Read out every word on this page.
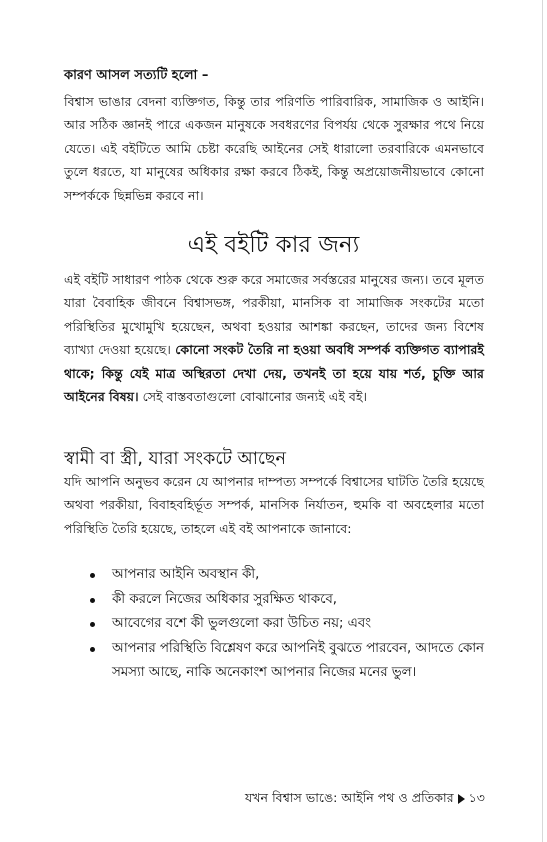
কারণ আসল সত্যটি হলো –

বিশ্বাস ভাঙার বেদনা ব্যক্তিগত, কিন্তু তার পরিণতি পারিবারিক, সামাজিক ও আইনি। আর সঠিক জ্ঞানই পারে একজন মানুষকে সবধরণের বিপর্যয় থেকে সুরক্ষার পথে নিয়ে যেতে। এই বইটিতে আমি চেষ্টা করেছি আইনের সেই ধারালো তরবারিকে এমনভাবে তুলে ধরতে, যা মানুষের অধিকার রক্ষা করবে ঠিকই, কিন্তু অপ্রয়োজনীয়ভাবে কোনো সম্পর্ককে ছিন্নভিন্ন করবে না।

এই বইটি কার জন্য

এই বইটি সাধারণ পাঠক থেকে শুরু করে সমাজের সর্বস্তরের মানুষের জন্য। তবে মূলত যারা বৈবাহিক জীবনে বিশ্বাসভঙ্গ, পরকীয়া, মানসিক বা সামাজিক সংকটের মতো পরিস্থিতির মুখোমুখি হয়েছেন, অথবা হওয়ার আশঙ্কা করছেন, তাদের জন্য বিশেষ ব্যাখ্যা দেওয়া হয়েছে। কোনো সংকট তৈরি না হওয়া অবধি সম্পর্ক ব্যক্তিগত ব্যাপারই থাকে; কিন্তু যেই মাত্র অস্থিরতা দেখা দেয়, তখনই তা হয়ে যায় শর্ত, চুক্তি আর আইনের বিষয়। সেই বাস্তবতাগুলো বোঝানোর জন্যই এই বই।

স্বামী বা স্ত্রী, যারা সংকটে আছেন

যদি আপনি অনুভব করেন যে আপনার দাম্পত্য সম্পর্কে বিশ্বাসের ঘাটতি তৈরি হয়েছে অথবা পরকীয়া, বিবাহবহির্ভূত সম্পর্ক, মানসিক নির্যাতন, হুমকি বা অবহেলার মতো পরিস্থিতি তৈরি হয়েছে, তাহলে এই বই আপনাকে জানাবে:

আপনার আইনি অবস্থান কী,
কী করলে নিজের অধিকার সুরক্ষিত থাকবে,
আবেগের বশে কী ভুলগুলো করা উচিত নয়; এবং
আপনার পরিস্থিতি বিশ্লেষণ করে আপনিই বুঝতে পারবেন, আদতে কোন সমস্যা আছে, নাকি অনেকাংশ আপনার নিজের মনের ভুল।
যখন বিশ্বাস ভাঙে: আইনি পথ ও প্রতিকার ১৩
